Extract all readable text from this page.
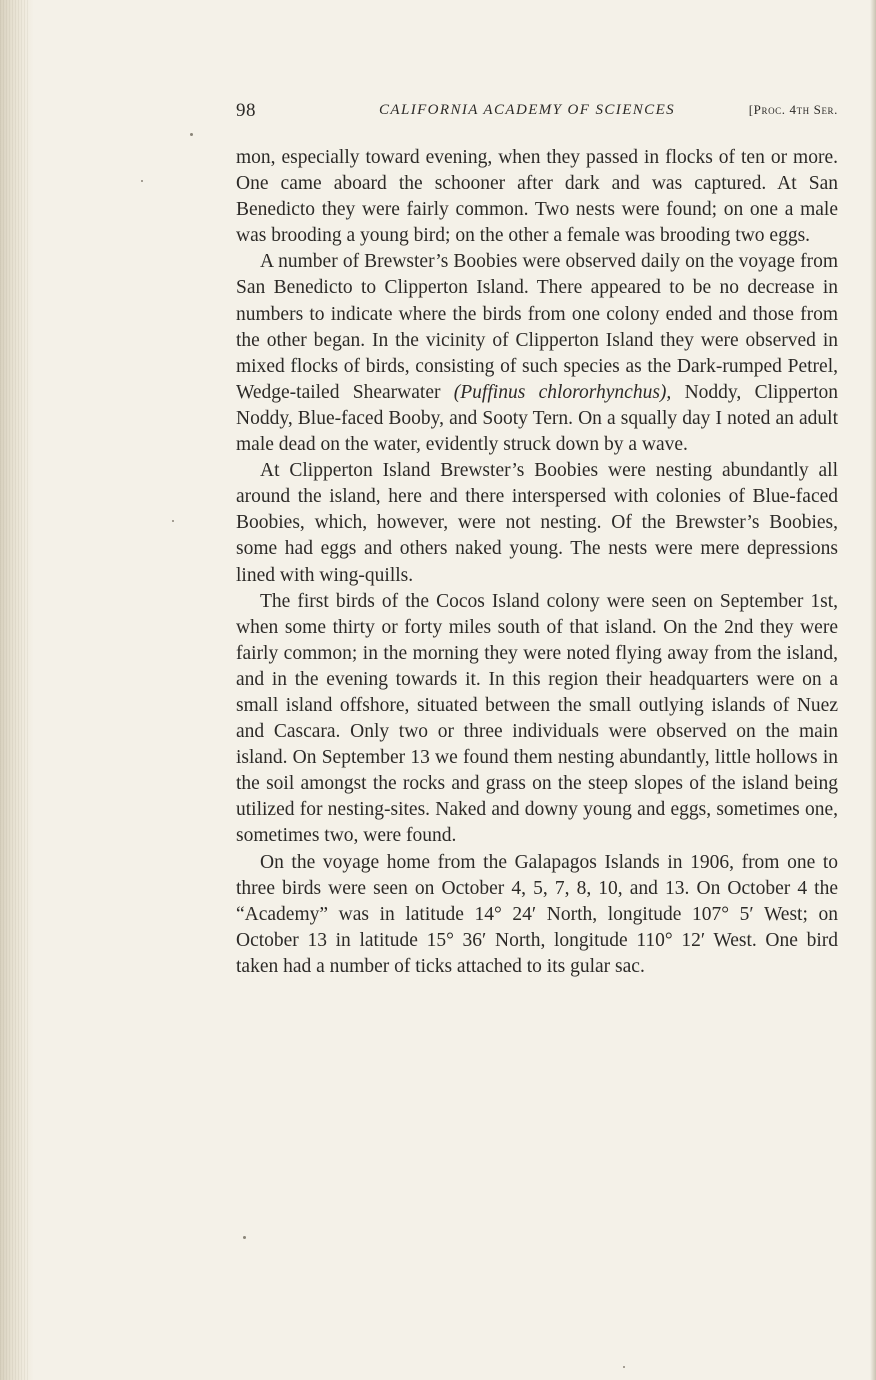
98	CALIFORNIA ACADEMY OF SCIENCES	[Proc. 4th Ser.

mon, especially toward evening, when they passed in flocks of ten or more. One came aboard the schooner after dark and was captured. At San Benedicto they were fairly common. Two nests were found; on one a male was brooding a young bird; on the other a female was brooding two eggs.

A number of Brewster’s Boobies were observed daily on the voyage from San Benedicto to Clipperton Island. There appeared to be no decrease in numbers to indicate where the birds from one colony ended and those from the other began. In the vicinity of Clipperton Island they were observed in mixed flocks of birds, consisting of such species as the Dark-rumped Petrel, Wedge-tailed Shearwater (Puffinus chlororhynchus), Noddy, Clipperton Noddy, Blue-faced Booby, and Sooty Tern. On a squally day I noted an adult male dead on the water, evidently struck down by a wave.

At Clipperton Island Brewster’s Boobies were nesting abundantly all around the island, here and there interspersed with colonies of Blue-faced Boobies, which, however, were not nesting. Of the Brewster’s Boobies, some had eggs and others naked young. The nests were mere depressions lined with wing-quills.

The first birds of the Cocos Island colony were seen on September 1st, when some thirty or forty miles south of that island. On the 2nd they were fairly common; in the morning they were noted flying away from the island, and in the evening towards it. In this region their headquarters were on a small island offshore, situated between the small outlying islands of Nuez and Cascara. Only two or three individuals were observed on the main island. On September 13 we found them nesting abundantly, little hollows in the soil amongst the rocks and grass on the steep slopes of the island being utilized for nesting-sites. Naked and downy young and eggs, sometimes one, sometimes two, were found.

On the voyage home from the Galapagos Islands in 1906, from one to three birds were seen on October 4, 5, 7, 8, 10, and 13. On October 4 the “Academy” was in latitude 14° 24′ North, longitude 107° 5′ West; on October 13 in latitude 15° 36′ North, longitude 110° 12′ West. One bird taken had a number of ticks attached to its gular sac.
